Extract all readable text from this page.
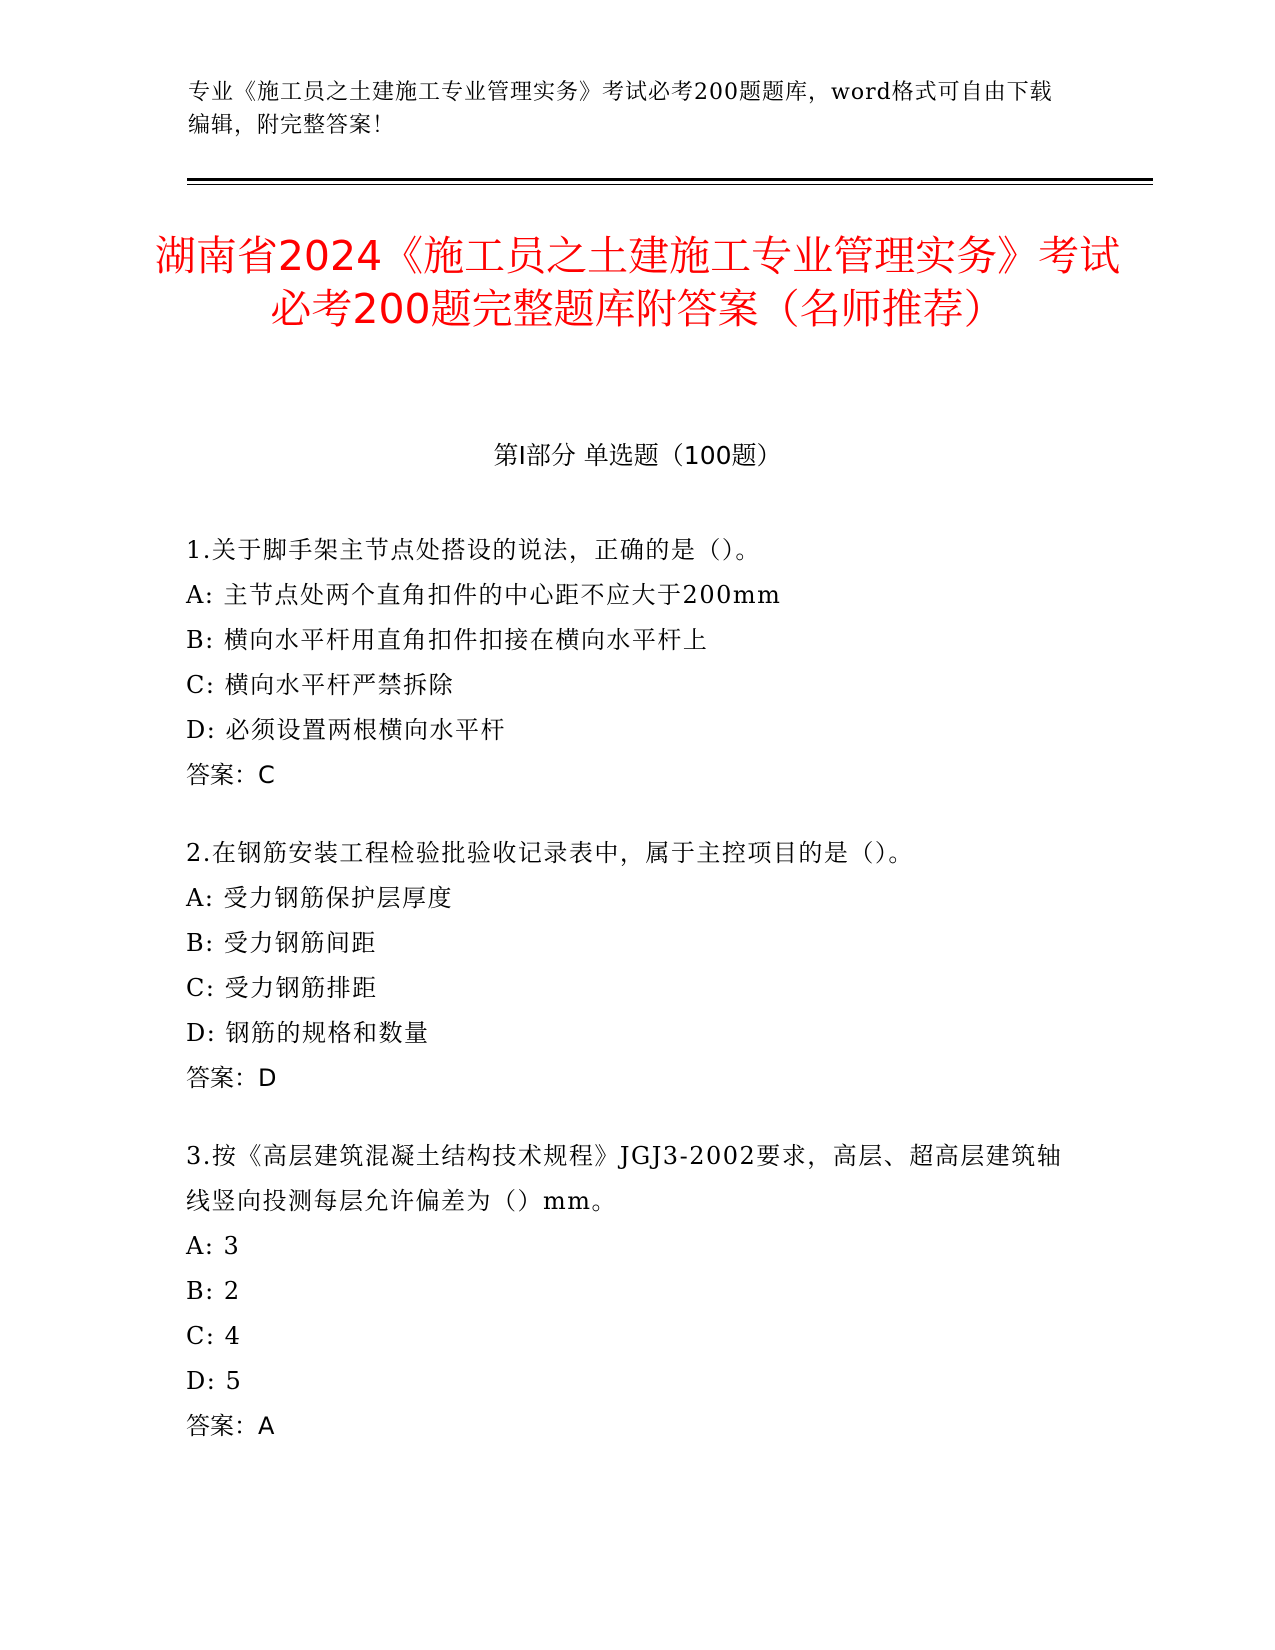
专业《施工员之土建施工专业管理实务》考试必考200题题库，word格式可自由下载编辑，附完整答案！
湖南省2024《施工员之土建施工专业管理实务》考试必考200题完整题库附答案（名师推荐）
第I部分 单选题（100题）

1.关于脚手架主节点处搭设的说法，正确的是（）。

A: 主节点处两个直角扣件的中心距不应大于200mm

B: 横向水平杆用直角扣件扣接在横向水平杆上

C: 横向水平杆严禁拆除

D: 必须设置两根横向水平杆

答案：C

2.在钢筋安装工程检验批验收记录表中，属于主控项目的是（）。

A: 受力钢筋保护层厚度

B: 受力钢筋间距

C: 受力钢筋排距

D: 钢筋的规格和数量

答案：D

3.按《高层建筑混凝土结构技术规程》JGJ3-2002要求，高层、超高层建筑轴线竖向投测每层允许偏差为（）mm。

A: 3

B: 2

C: 4

D: 5

答案：A
